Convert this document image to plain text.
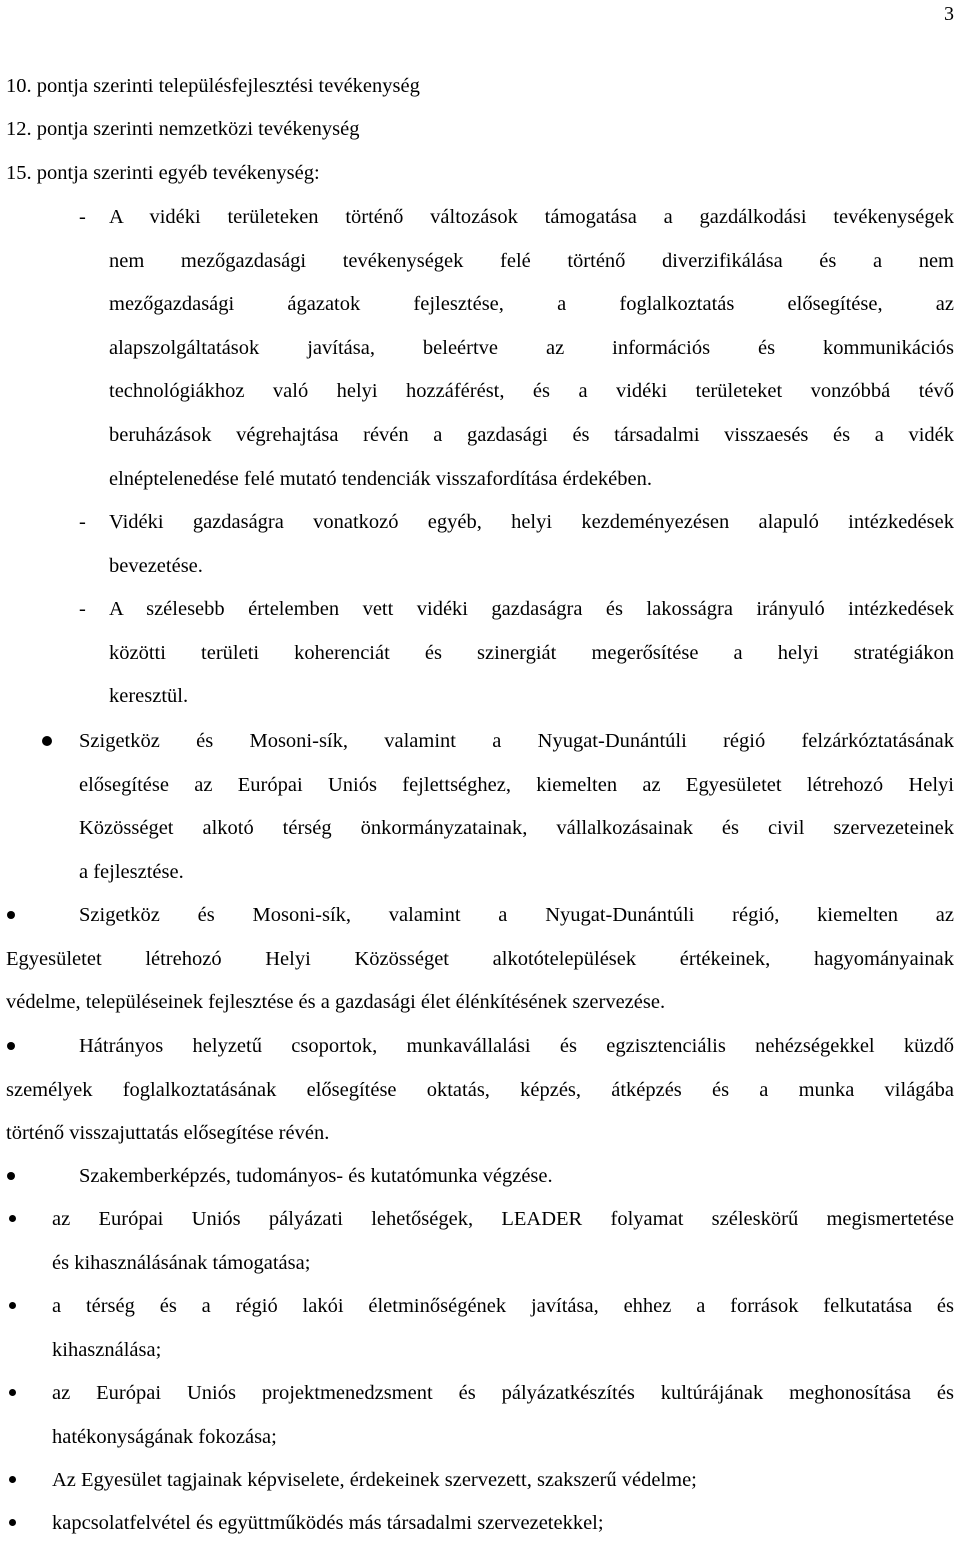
3
10. pontja szerinti településfejlesztési tevékenység
12. pontja szerinti nemzetközi tevékenység
15. pontja szerinti egyéb tevékenység:
-	A vidéki területeken történő változások támogatása a gazdálkodási tevékenységek
nem mezőgazdasági tevékenységek felé történő diverzifikálása és a nem
mezőgazdasági ágazatok fejlesztése, a foglalkoztatás elősegítése, az
alapszolgáltatások javítása, beleértve az információs és kommunikációs
technológiákhoz való helyi hozzáférést, és a vidéki területeket vonzóbbá tévő
beruházások végrehajtása révén a gazdasági és társadalmi visszaesés és a vidék
elnéptelenedése felé mutató tendenciák visszafordítása érdekében.
-	Vidéki gazdaságra vonatkozó egyéb, helyi kezdeményezésen alapuló intézkedések
bevezetése.
-	A szélesebb értelemben vett vidéki gazdaságra és lakosságra irányuló intézkedések
közötti területi koherenciát és szinergiát megerősítése a helyi stratégiákon
keresztül.
Szigetköz és Mosoni-sík, valamint a Nyugat-Dunántúli régió felzárkóztatásának
elősegítése az Európai Uniós fejlettséghez, kiemelten az Egyesületet létrehozó Helyi
Közösséget alkotó térség önkormányzatainak, vállalkozásainak és civil szervezeteinek
a fejlesztése.
Szigetköz és Mosoni-sík, valamint a Nyugat-Dunántúli régió, kiemelten az
Egyesületet létrehozó Helyi Közösséget alkotótelepülések értékeinek, hagyományainak
védelme, településeinek fejlesztése és a gazdasági élet élénkítésének szervezése.
Hátrányos helyzetű csoportok, munkavállalási és egzisztenciális nehézségekkel küzdő
személyek foglalkoztatásának elősegítése oktatás, képzés, átképzés és a munka világába
történő visszajuttatás elősegítése révén.
Szakemberképzés, tudományos- és kutatómunka végzése.
az Európai Uniós pályázati lehetőségek, LEADER folyamat széleskörű megismertetése
és kihasználásának támogatása;
a térség és a régió lakói életminőségének javítása, ehhez a források felkutatása és
kihasználása;
az Európai Uniós projektmenedzsment és pályázatkészítés kultúrájának meghonosítása és
hatékonyságának fokozása;
Az Egyesület tagjainak képviselete, érdekeinek szervezett, szakszerű védelme;
kapcsolatfelvétel és együttműködés más társadalmi szervezetekkel;
